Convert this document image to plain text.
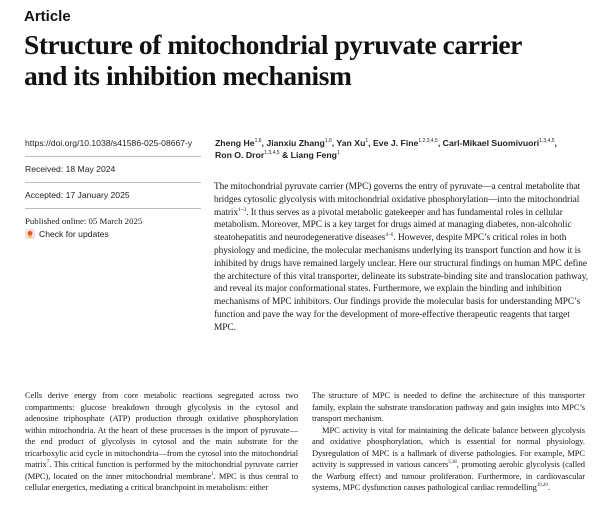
Article
Structure of mitochondrial pyruvate carrier
and its inhibition mechanism
https://doi.org/10.1038/s41586-025-08667-y
Received: 18 May 2024
Accepted: 17 January 2025
Published online: 05 March 2025
Check for updates
Zheng He$^{1,6}$, Jianxiu Zhang$^{1,6}$, Yan Xu$^1$, Eve J. Fine$^{1,2,3,4,5}$, Carl-Mikael Suomivuori$^{1,3,4,5}$,
Ron O. Dror$^{1,3,4,5}$ & Liang Feng$^1$

The mitochondrial pyruvate carrier (MPC) governs the entry of pyruvate—a central metabolite that bridges cytosolic glycolysis with mitochondrial oxidative phosphorylation—into the mitochondrial matrix$^{1-3}$. It thus serves as a pivotal metabolic gatekeeper and has fundamental roles in cellular metabolism. Moreover, MPC is a key target for drugs aimed at managing diabetes, non-alcoholic steatohepatitis and neurodegenerative diseases$^{4-6}$. However, despite MPC’s critical roles in both physiology and medicine, the molecular mechanisms underlying its transport function and how it is inhibited by drugs have remained largely unclear. Here our structural findings on human MPC define the architecture of this vital transporter, delineate its substrate-binding site and translocation pathway, and reveal its major conformational states. Furthermore, we explain the binding and inhibition mechanisms of MPC inhibitors. Our findings provide the molecular basis for understanding MPC’s function and pave the way for the development of more-effective therapeutic reagents that target MPC.

Cells derive energy from core metabolic reactions segregated across two compartments: glucose breakdown through glycolysis in the cytosol and adenosine triphosphate (ATP) production through oxidative phosphorylation within mitochondria. At the heart of these processes is the import of pyruvate—the end product of glycolysis in cytosol and the main substrate for the tricarboxylic acid cycle in mitochondria—from the cytosol into the mitochondrial matrix$^7$. This critical function is performed by the mitochondrial pyruvate carrier (MPC), located on the inner mitochondrial membrane$^1$. MPC is thus central to cellular energetics, mediating a critical branchpoint in metabolism: either

The structure of MPC is needed to define the architecture of this transporter family, explain the substrate translocation pathway and gain insights into MPC’s transport mechanism.

MPC activity is vital for maintaining the delicate balance between glycolysis and oxidative phosphorylation, which is essential for normal physiology. Dysregulation of MPC is a hallmark of diverse pathologies. For example, MPC activity is suppressed in various cancers$^{5,18}$, promoting aerobic glycolysis (called the Warburg effect) and tumour proliferation. Furthermore, in cardiovascular systems, MPC dysfunction causes pathological cardiac remodelling$^{19,20}$.
